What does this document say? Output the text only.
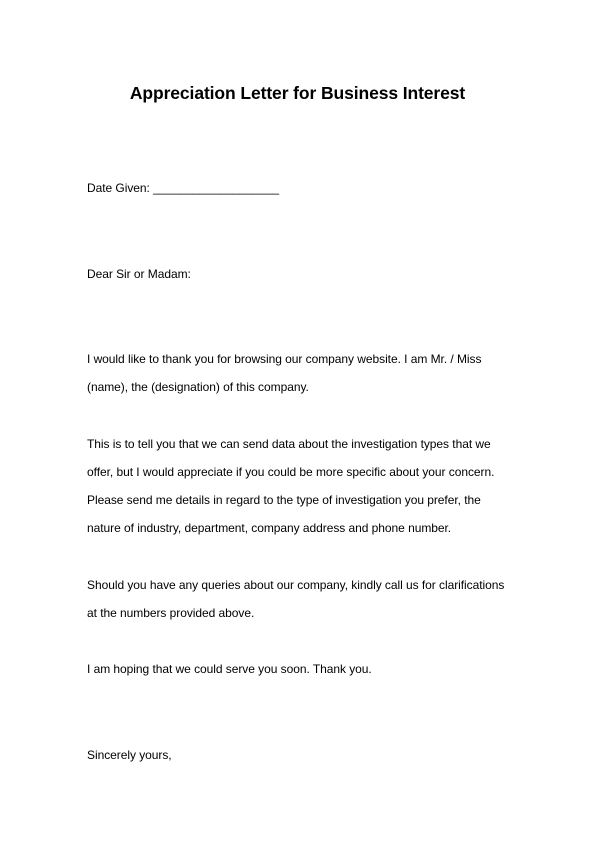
Appreciation Letter for Business Interest
Date Given: ___________________
Dear Sir or Madam:
I would like to thank you for browsing our company website. I am Mr. / Miss
(name), the (designation) of this company.
This is to tell you that we can send data about the investigation types that we
offer, but I would appreciate if you could be more specific about your concern.
Please send me details in regard to the type of investigation you prefer, the
nature of industry, department, company address and phone number.
Should you have any queries about our company, kindly call us for clarifications
at the numbers provided above.
I am hoping that we could serve you soon. Thank you.
Sincerely yours,
